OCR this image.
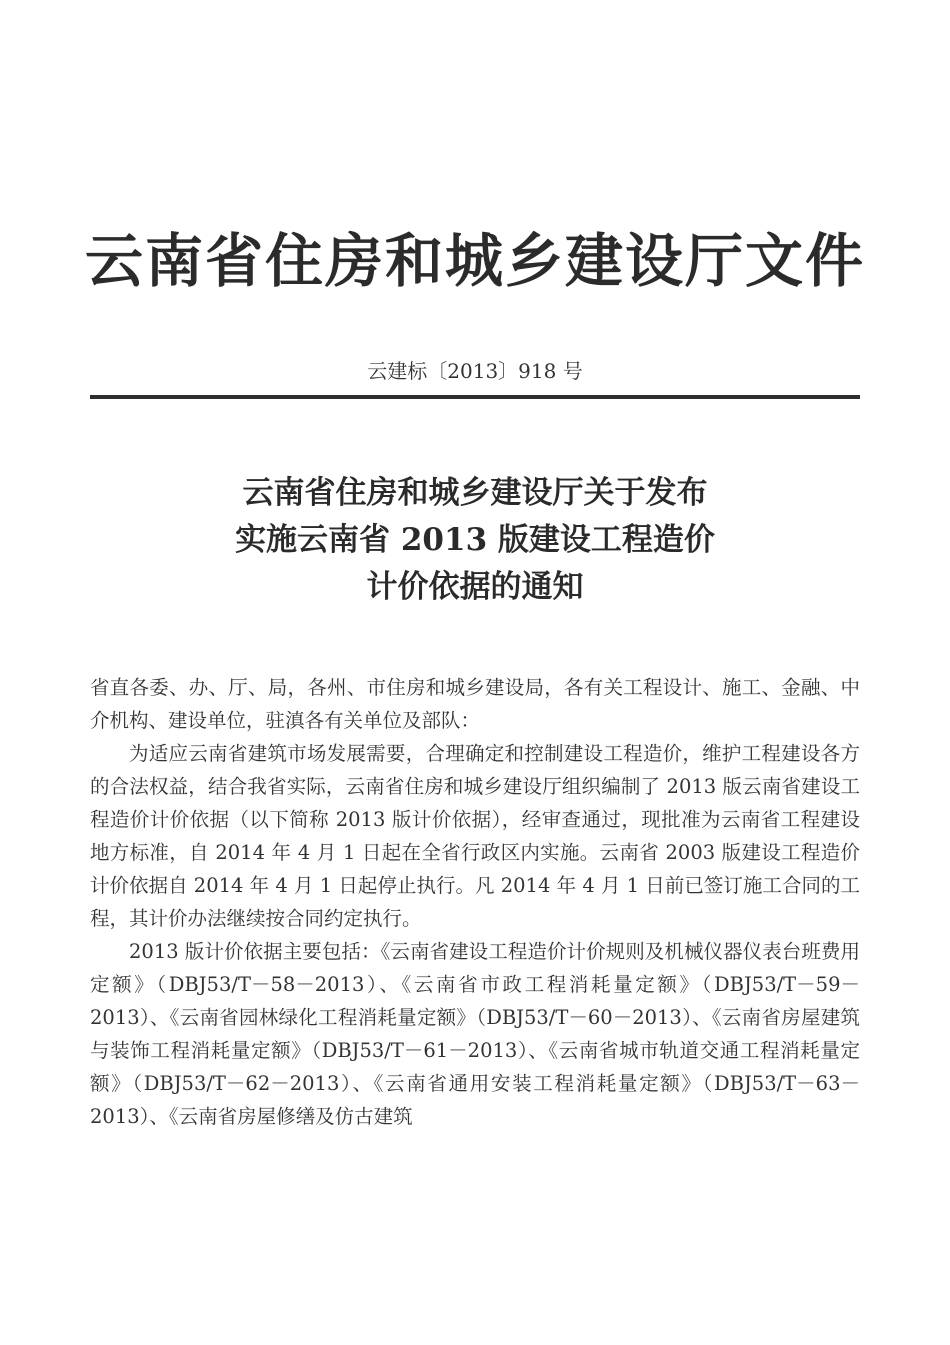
云南省住房和城乡建设厅文件
云建标〔2013〕918 号
云南省住房和城乡建设厅关于发布
实施云南省 2013 版建设工程造价
计价依据的通知

省直各委、办、厅、局，各州、市住房和城乡建设局，各有关工程设计、施工、金融、中介机构、建设单位，驻滇各有关单位及部队：

为适应云南省建筑市场发展需要，合理确定和控制建设工程造价，维护工程建设各方的合法权益，结合我省实际，云南省住房和城乡建设厅组织编制了 2013 版云南省建设工程造价计价依据（以下简称 2013 版计价依据），经审查通过，现批准为云南省工程建设地方标准，自 2014 年 4 月 1 日起在全省行政区内实施。云南省 2003 版建设工程造价计价依据自 2014 年 4 月 1 日起停止执行。凡 2014 年 4 月 1 日前已签订施工合同的工程，其计价办法继续按合同约定执行。

2013 版计价依据主要包括：《云南省建设工程造价计价规则及机械仪器仪表台班费用定额》（DBJ53/T－58－2013）、《云南省市政工程消耗量定额》（DBJ53/T－59－2013）、《云南省园林绿化工程消耗量定额》（DBJ53/T－60－2013）、《云南省房屋建筑与装饰工程消耗量定额》（DBJ53/T－61－2013）、《云南省城市轨道交通工程消耗量定额》（DBJ53/T－62－2013）、《云南省通用安装工程消耗量定额》（DBJ53/T－63－2013）、《云南省房屋修缮及仿古建筑
